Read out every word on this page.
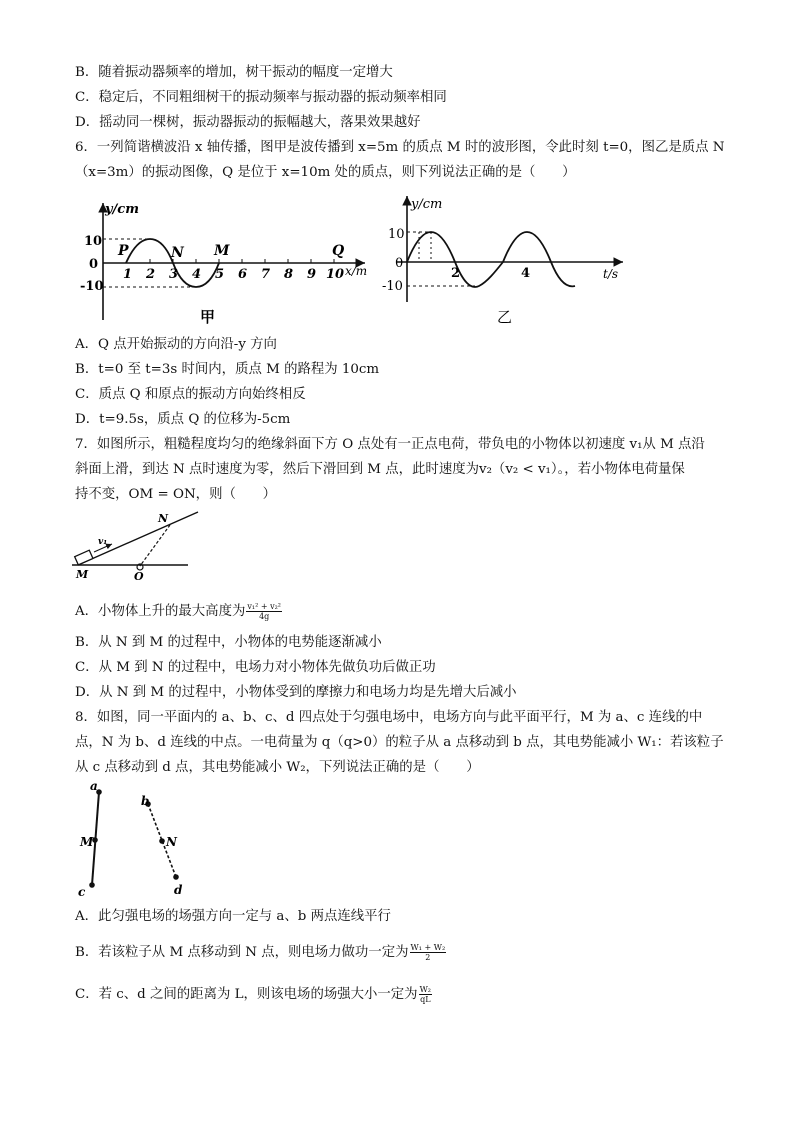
B．随着振动器频率的增加，树干振动的幅度一定增大
C．稳定后，不同粗细树干的振动频率与振动器的振动频率相同
D．摇动同一棵树，振动器振动的振幅越大，落果效果越好
6．一列简谐横波沿 x 轴传播，图甲是波传播到 x=5m 的质点 M 时的波形图，令此时刻 t=0，图乙是质点 N
（x=3m）的振动图像，Q 是位于 x=10m 处的质点，则下列说法正确的是（　　）
y/cm
x/m
10
0
-10
1 2 3 4 5 6 7 8 9 10
P	N M	Q
甲
y/cm
t/s
10
0
-10
2	4
乙
A．Q 点开始振动的方向沿-y 方向
B．t=0 至 t=3s 时间内，质点 M 的路程为 10cm
C．质点 Q 和原点的振动方向始终相反
D．t=9.5s，质点 Q 的位移为-5cm
7．如图所示，粗糙程度均匀的绝缘斜面下方 O 点处有一正点电荷，带负电的小物体以初速度 v₁从 M 点沿
斜面上滑，到达 N 点时速度为零，然后下滑回到 M 点，此时速度为v₂（v₂ < v₁）。，若小物体电荷量保
持不变，OM = ON，则（　　）
v₁
M
N
O
A．小物体上升的最大高度为 $\frac{\text{v₁² + v₂²}}{4g}$
B．从 N 到 M 的过程中，小物体的电势能逐渐减小
C．从 M 到 N 的过程中，电场力对小物体先做负功后做正功
D．从 N 到 M 的过程中，小物体受到的摩擦力和电场力均是先增大后减小
8．如图，同一平面内的 a、b、c、d 四点处于匀强电场中，电场方向与此平面平行，M 为 a、c 连线的中
点，N 为 b、d 连线的中点。一电荷量为 q（q>0）的粒子从 a 点移动到 b 点，其电势能减小 W₁：若该粒子
从 c 点移动到 d 点，其电势能减小 W₂，下列说法正确的是（　　）
a
M
c
b
N
d
A．此匀强电场的场强方向一定与 a、b 两点连线平行
B．若该粒子从 M 点移动到 N 点，则电场力做功一定为 $\frac{\text{W₁ + W₂}}{2}$
C．若 c、d 之间的距离为 L，则该电场的场强大小一定为 $\frac{\text{W₂}}{qL}$
